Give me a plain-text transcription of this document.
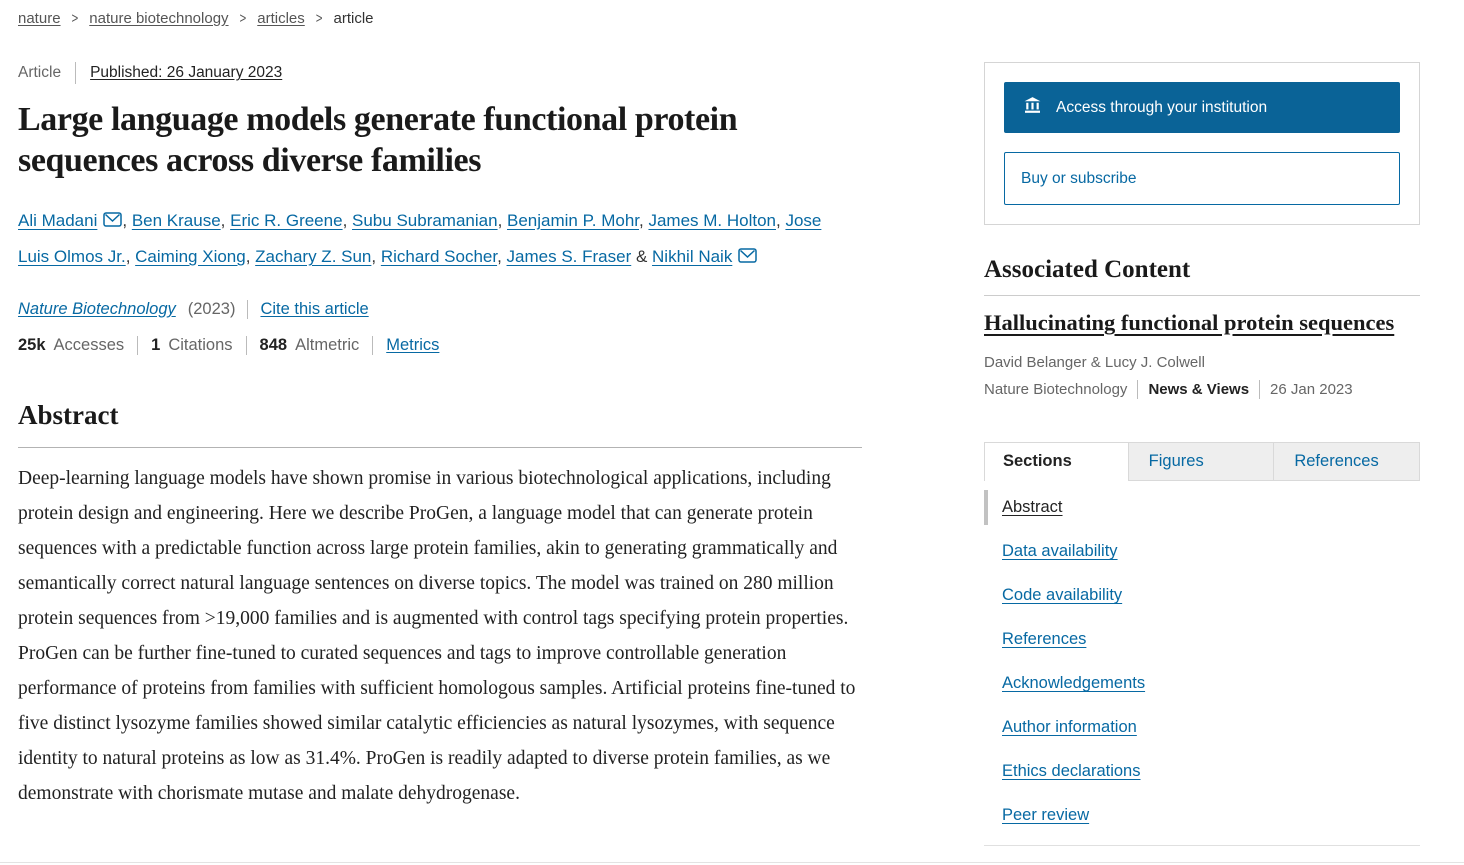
nature > nature biotechnology > articles > article
Article Published: 26 January 2023
Large language models generate functional protein sequences across diverse families
Ali Madani , Ben Krause, Eric R. Greene, Subu Subramanian, Benjamin P. Mohr, James M. Holton, Jose Luis Olmos Jr., Caiming Xiong, Zachary Z. Sun, Richard Socher, James S. Fraser & Nikhil Naik
Nature Biotechnology (2023) Cite this article
25k Accesses 1 Citations 848 Altmetric Metrics
Abstract

Deep-learning language models have shown promise in various biotechnological applications, including protein design and engineering. Here we describe ProGen, a language model that can generate protein sequences with a predictable function across large protein families, akin to generating grammatically and semantically correct natural language sentences on diverse topics. The model was trained on 280 million protein sequences from >19,000 families and is augmented with control tags specifying protein properties. ProGen can be further fine-tuned to curated sequences and tags to improve controllable generation performance of proteins from families with sufficient homologous samples. Artificial proteins fine-tuned to five distinct lysozyme families showed similar catalytic efficiencies as natural lysozymes, with sequence identity to natural proteins as low as 31.4%. ProGen is readily adapted to diverse protein families, as we demonstrate with chorismate mutase and malate dehydrogenase.

Access through your institution
Buy or subscribe
Associated Content
Hallucinating functional protein sequences
David Belanger & Lucy J. Colwell
Nature Biotechnology News & Views 26 Jan 2023
Sections	Figures	References
Abstract
Data availability
Code availability
References
Acknowledgements
Author information
Ethics declarations
Peer review
